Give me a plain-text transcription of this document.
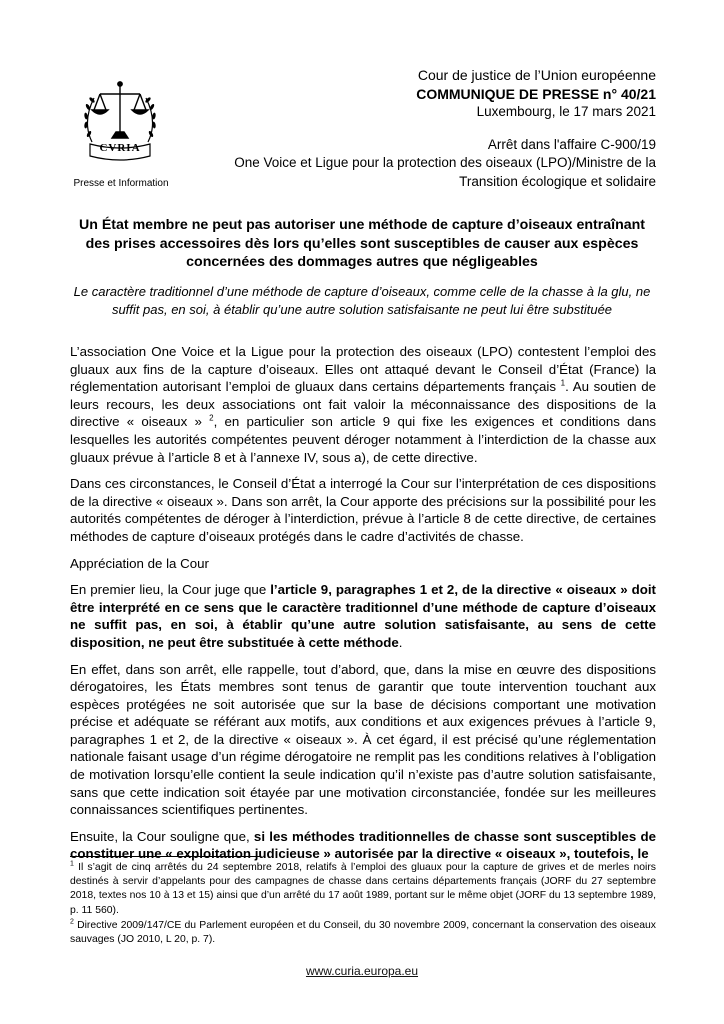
CVRIA
Presse et Information
Cour de justice de l’Union européenne
COMMUNIQUE DE PRESSE n° 40/21
Luxembourg, le 17 mars 2021
Arrêt dans l'affaire C-900/19
One Voice et Ligue pour la protection des oiseaux (LPO)/Ministre de la
Transition écologique et solidaire
Un État membre ne peut pas autoriser une méthode de capture d’oiseaux entraînant des prises accessoires dès lors qu’elles sont susceptibles de causer aux espèces concernées des dommages autres que négligeables
Le caractère traditionnel d’une méthode de capture d’oiseaux, comme celle de la chasse à la glu, ne suffit pas, en soi, à établir qu’une autre solution satisfaisante ne peut lui être substituée

L’association One Voice et la Ligue pour la protection des oiseaux (LPO) contestent l’emploi des gluaux aux fins de la capture d’oiseaux. Elles ont attaqué devant le Conseil d’État (France) la réglementation autorisant l’emploi de gluaux dans certains départements français $^1$. Au soutien de leurs recours, les deux associations ont fait valoir la méconnaissance des dispositions de la directive « oiseaux » $^2$, en particulier son article 9 qui fixe les exigences et conditions dans lesquelles les autorités compétentes peuvent déroger notamment à l’interdiction de la chasse aux gluaux prévue à l’article 8 et à l’annexe IV, sous a), de cette directive.

Dans ces circonstances, le Conseil d’État a interrogé la Cour sur l’interprétation de ces dispositions de la directive « oiseaux ». Dans son arrêt, la Cour apporte des précisions sur la possibilité pour les autorités compétentes de déroger à l’interdiction, prévue à l’article 8 de cette directive, de certaines méthodes de capture d’oiseaux protégés dans le cadre d’activités de chasse.

Appréciation de la Cour

En premier lieu, la Cour juge que l’article 9, paragraphes 1 et 2, de la directive « oiseaux » doit être interprété en ce sens que le caractère traditionnel d’une méthode de capture d’oiseaux ne suffit pas, en soi, à établir qu’une autre solution satisfaisante, au sens de cette disposition, ne peut être substituée à cette méthode.

En effet, dans son arrêt, elle rappelle, tout d’abord, que, dans la mise en œuvre des dispositions dérogatoires, les États membres sont tenus de garantir que toute intervention touchant aux espèces protégées ne soit autorisée que sur la base de décisions comportant une motivation précise et adéquate se référant aux motifs, aux conditions et aux exigences prévues à l’article 9, paragraphes 1 et 2, de la directive « oiseaux ». À cet égard, il est précisé qu’une réglementation nationale faisant usage d’un régime dérogatoire ne remplit pas les conditions relatives à l’obligation de motivation lorsqu’elle contient la seule indication qu’il n’existe pas d’autre solution satisfaisante, sans que cette indication soit étayée par une motivation circonstanciée, fondée sur les meilleures connaissances scientifiques pertinentes.

Ensuite, la Cour souligne que, si les méthodes traditionnelles de chasse sont susceptibles de constituer une « exploitation judicieuse » autorisée par la directive « oiseaux », toutefois, le

$^1$ Il s’agit de cinq arrêtés du 24 septembre 2018, relatifs à l’emploi des gluaux pour la capture de grives et de merles noirs destinés à servir d’appelants pour des campagnes de chasse dans certains départements français (JORF du 27 septembre 2018, textes nos 10 à 13 et 15) ainsi que d’un arrêté du 17 août 1989, portant sur le même objet (JORF du 13 septembre 1989, p. 11 560).

$^2$ Directive 2009/147/CE du Parlement européen et du Conseil, du 30 novembre 2009, concernant la conservation des oiseaux sauvages (JO 2010, L 20, p. 7).

www.curia.europa.eu
